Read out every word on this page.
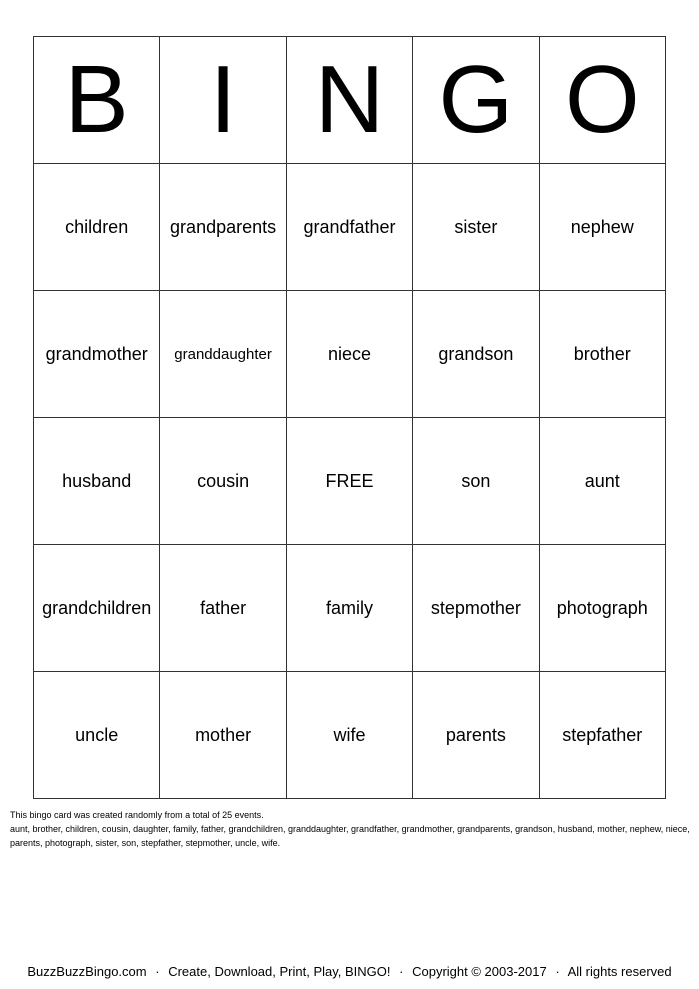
B	I	N	G	O
children	grandparents	grandfather	sister	nephew
grandmother	granddaughter	niece	grandson	brother
husband	cousin	FREE	son	aunt
grandchildren	father	family	stepmother	photograph
uncle	mother	wife	parents	stepfather
This bingo card was created randomly from a total of 25 events.
aunt, brother, children, cousin, daughter, family, father, grandchildren, granddaughter, grandfather, grandmother, grandparents, grandson, husband, mother, nephew, niece, parents, photograph, sister, son, stepfather, stepmother, uncle, wife.
BuzzBuzzBingo.com · Create, Download, Print, Play, BINGO! · Copyright © 2003-2017 · All rights reserved
